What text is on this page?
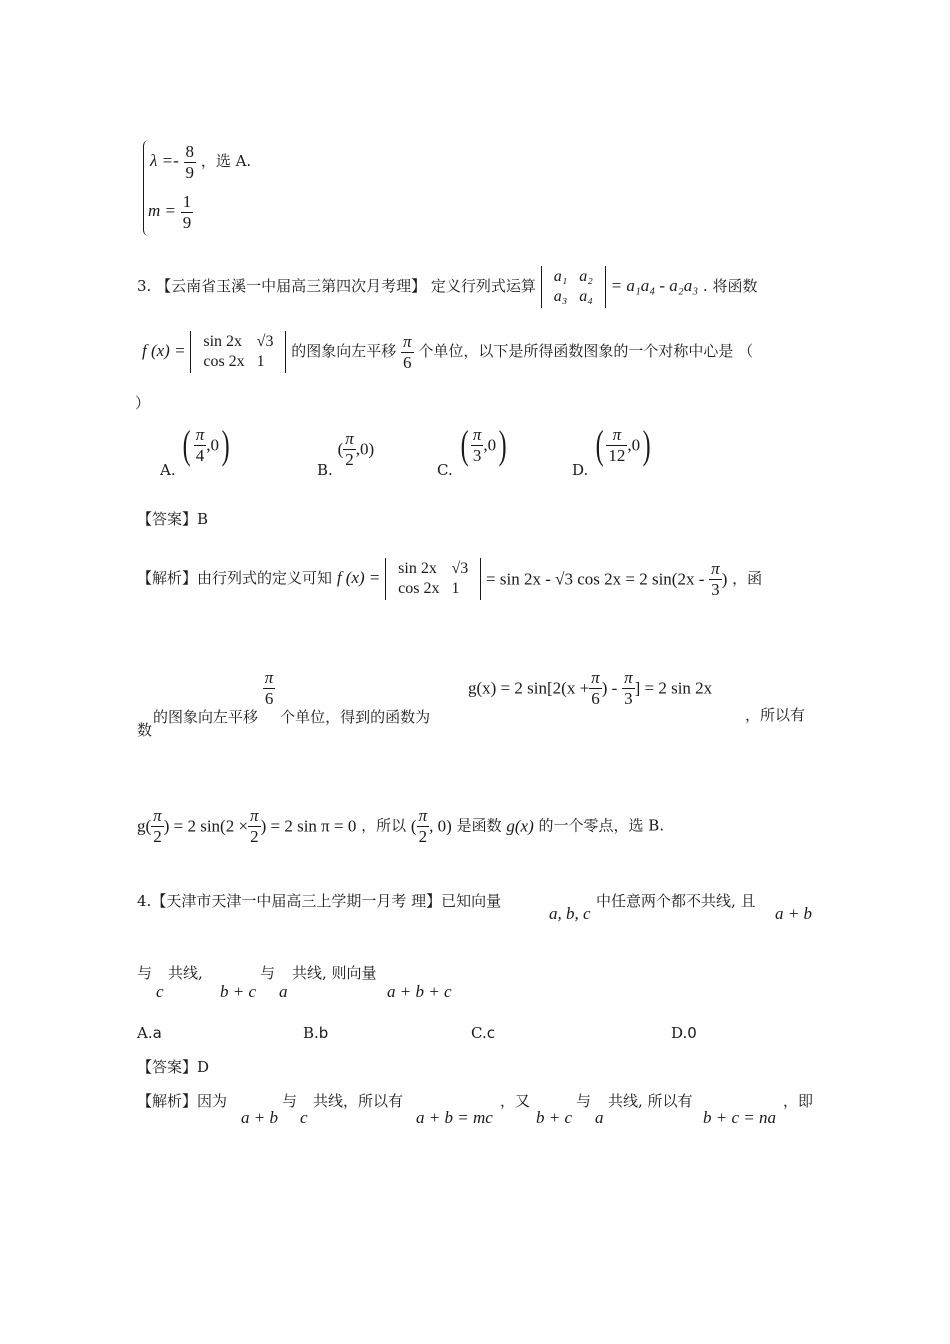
$\lambda =- \frac{8}{9}$ ，选 A.
$m = \frac{1}{9}$
3. 【云南省玉溪一中届高三第四次月考理】 定义行列式运算
a₁	a₂
a₃	a₄
= a₁a₄ - a₂a₃ . 将函数
f (x) = sin 2x	√3
cos 2x	1
的图象向左平移 $\frac{\pi}{6}$ 个单位，以下是所得函数图象的一个对称中心是 （
）
A. ( $\frac{\pi}{4} ,0$)
B. ( $\frac{\pi}{2} ,0$)
C. ( $\frac{\pi}{3} ,0$)
D. ( $\frac{\pi}{12} ,0$)
【答案】B
【解析】由行列式的定义可知 f (x) = sin 2x	√3
cos 2x	1 = sin 2x - √3 cos 2x = 2 $\sin(2x - \frac{\pi}{3}$ ) ，函
数
的图象向左平移
$\frac{\pi}{6}$
个单位，得到的函数为
g(x) = 2 $\sin[2(x + \frac{\pi}{6}$ ) - $\frac{\pi}{3}$ ] = 2 sin 2x
，所以有
$g( \frac{\pi}{2}$ ) = 2 $\sin(2 \times \frac{\pi}{2}$ ) = 2 sin π = 0 ，所以 ( $\frac{\pi}{2}$ , 0) 是函数 g(x) 的一个零点，选 B.
4.【天津市天津一中届高三上学期一月考 理】已知向量
a, b, c
中任意两个都不共线, 且
a + b
与
c
共线,
b + c
与
a
共线, 则向量
a + b + c
A.a	B.b	C.c	D.0
【答案】D
【解析】因为
a + b
与
c
共线，所以有
a + b = mc
，又
b + c
与
a
共线, 所以有
b + c = na
，即
